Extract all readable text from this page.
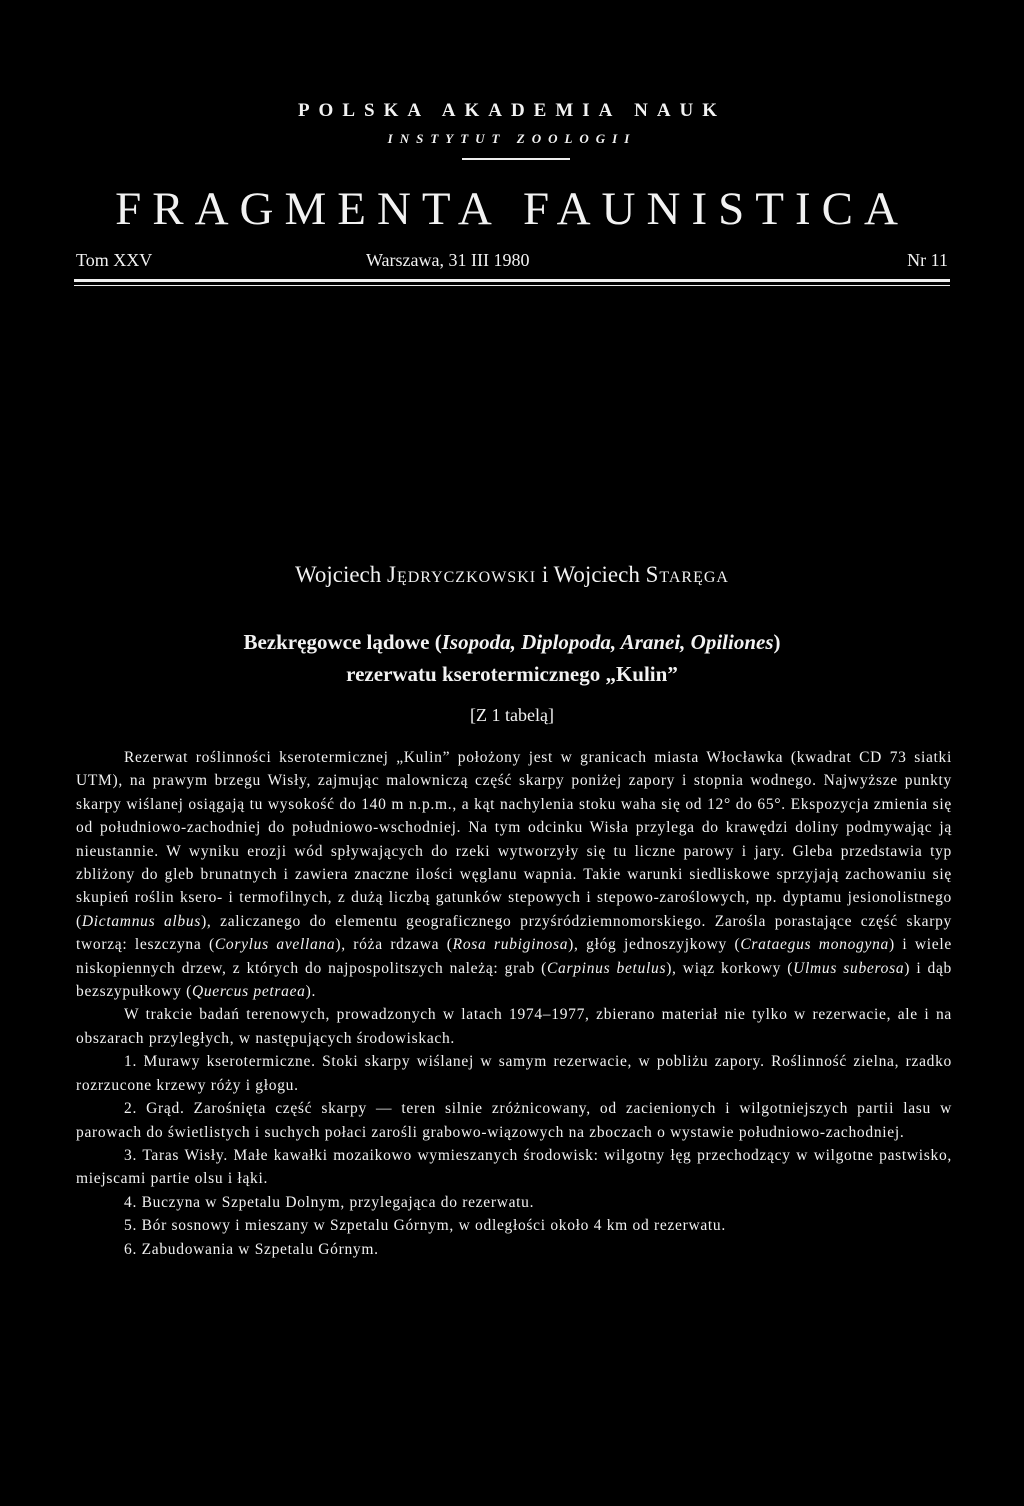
POLSKA AKADEMIA NAUK
INSTYTUT ZOOLOGII
FRAGMENTA FAUNISTICA
Tom XXV	Warszawa, 31 III 1980	Nr 11
Wojciech Jędryczkowski i Wojciech Staręga
Bezkręgowce lądowe (Isopoda, Diplopoda, Aranei, Opiliones)
rezerwatu kserotermicznego „Kulin”
[Z 1 tabelą]

Rezerwat roślinności kserotermicznej „Kulin” położony jest w granicach miasta Włocławka (kwadrat CD 73 siatki UTM), na prawym brzegu Wisły, zajmując malowniczą część skarpy poniżej zapory i stopnia wodnego. Najwyższe punkty skarpy wiślanej osiągają tu wysokość do 140 m n.p.m., a kąt nachylenia stoku waha się od 12° do 65°. Ekspozycja zmienia się od południowo-zachodniej do południowo-wschodniej. Na tym odcinku Wisła przylega do krawędzi doliny podmywając ją nieustannie. W wyniku erozji wód spływających do rzeki wytworzyły się tu liczne parowy i jary. Gleba przedstawia typ zbliżony do gleb brunatnych i zawiera znaczne ilości węglanu wapnia. Takie warunki siedliskowe sprzyjają zachowaniu się skupień roślin kserо- i termofilnych, z dużą liczbą gatunków stepowych i stepowo-zaroślowych, np. dyptamu jesionolistnego (Dictamnus albus), zaliczanego do elementu geograficznego przyśródziemnomorskiego. Zarośla porastające część skarpy tworzą: leszczyna (Corylus avellana), róża rdzawa (Rosa rubiginosa), głóg jednoszyjkowy (Crataegus monogyna) i wiele niskopiennych drzew, z których do najpospolitszych należą: grab (Carpinus betulus), wiąz korkowy (Ulmus suberosa) i dąb bezszypułkowy (Quercus petraea).

W trakcie badań terenowych, prowadzonych w latach 1974–1977, zbierano materiał nie tylko w rezerwacie, ale i na obszarach przyległych, w następujących środowiskach.

1. Murawy kserotermiczne. Stoki skarpy wiślanej w samym rezerwacie, w pobliżu zapory. Roślinność zielna, rzadko rozrzucone krzewy róży i głogu.

2. Grąd. Zarośnięta część skarpy — teren silnie zróżnicowany, od zacienionych i wilgotniejszych partii lasu w parowach do świetlistych i suchych połaci zarośli grabowo-wiązowych na zboczach o wystawie południowo-zachodniej.

3. Taras Wisły. Małe kawałki mozaikowo wymieszanych środowisk: wilgotny łęg przechodzący w wilgotne pastwisko, miejscami partie olsu i łąki.

4. Buczyna w Szpetalu Dolnym, przylegająca do rezerwatu.

5. Bór sosnowy i mieszany w Szpetalu Górnym, w odległości około 4 km od rezerwatu.

6. Zabudowania w Szpetalu Górnym.
